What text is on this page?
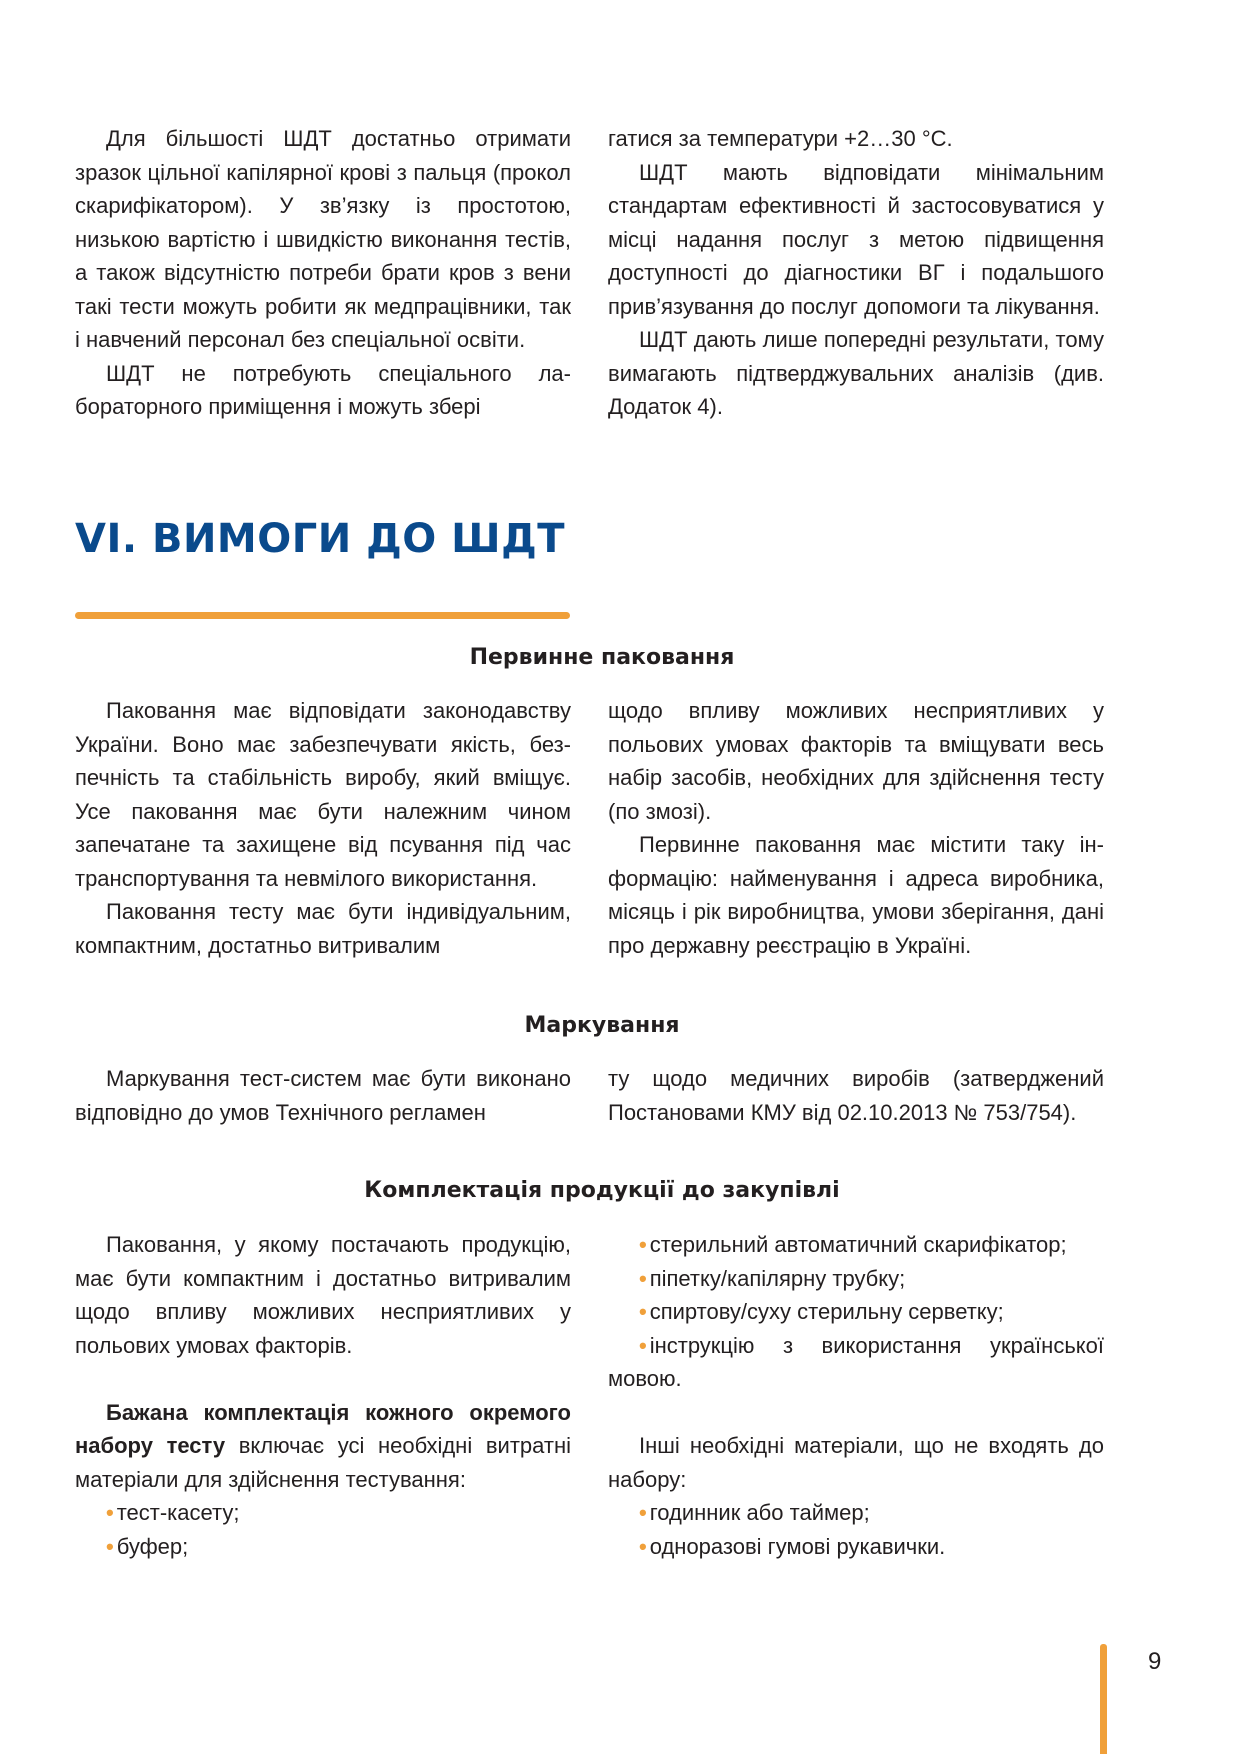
Для більшості ШДТ достатньо отримати зразок цільної капілярної крові з пальця (прокол скарифікатором). У зв’язку із простотою, низькою вартістю і швидкістю виконання тестів, а також відсутністю потреби брати кров з вени такі тести можуть робити як медпрацівники, так і навчений персонал без спеціальної освіти.

ШДТ не потребують спеціального лабораторного приміщення і можуть збері

гатися за температури +2…30 °С.

ШДТ мають відповідати мінімальним стандартам ефективності й застосовуватися у місці надання послуг з метою підвищення доступності до діагностики ВГ і подальшого прив’язування до послуг допомоги та лікування.

ШДТ дають лише попередні результати, тому вимагають підтверджувальних аналізів (див. Додаток 4).

VI. ВИМОГИ ДО ШДТ
Первинне паковання

Паковання має відповідати законодавству України. Воно має забезпечувати якість, безпечність та стабільність виробу, який вміщує. Усе паковання має бути належним чином запечатане та захищене від псування під час транспортування та невмілого використання.

Паковання тесту має бути індивідуальним, компактним, достатньо витривалим

щодо впливу можливих несприятливих у польових умовах факторів та вміщувати весь набір засобів, необхідних для здійснення тесту (по змозі).

Первинне паковання має містити таку інформацію: найменування і адреса виробника, місяць і рік виробництва, умови зберігання, дані про державну реєстрацію в Україні.

Маркування

Маркування тест-систем має бути виконано відповідно до умов Технічного регламен

ту щодо медичних виробів (затверджений Постановами КМУ від 02.10.2013 № 753/754).

Комплектація продукції до закупівлі

Паковання, у якому постачають продукцію, має бути компактним і достатньо витривалим щодо впливу можливих несприятливих у польових умовах факторів.

Бажана комплектація кожного окремого набору тесту включає усі необхідні витратні матеріали для здійснення тестування:

• тест-касету;
• буфер;
• стерильний автоматичний скарифікатор;
• піпетку/капілярну трубку;
• спиртову/суху стерильну серветку;
• інструкцію з використання української мовою.

Інші необхідні матеріали, що не входять до набору:

• годинник або таймер;
• одноразові гумові рукавички.
9
